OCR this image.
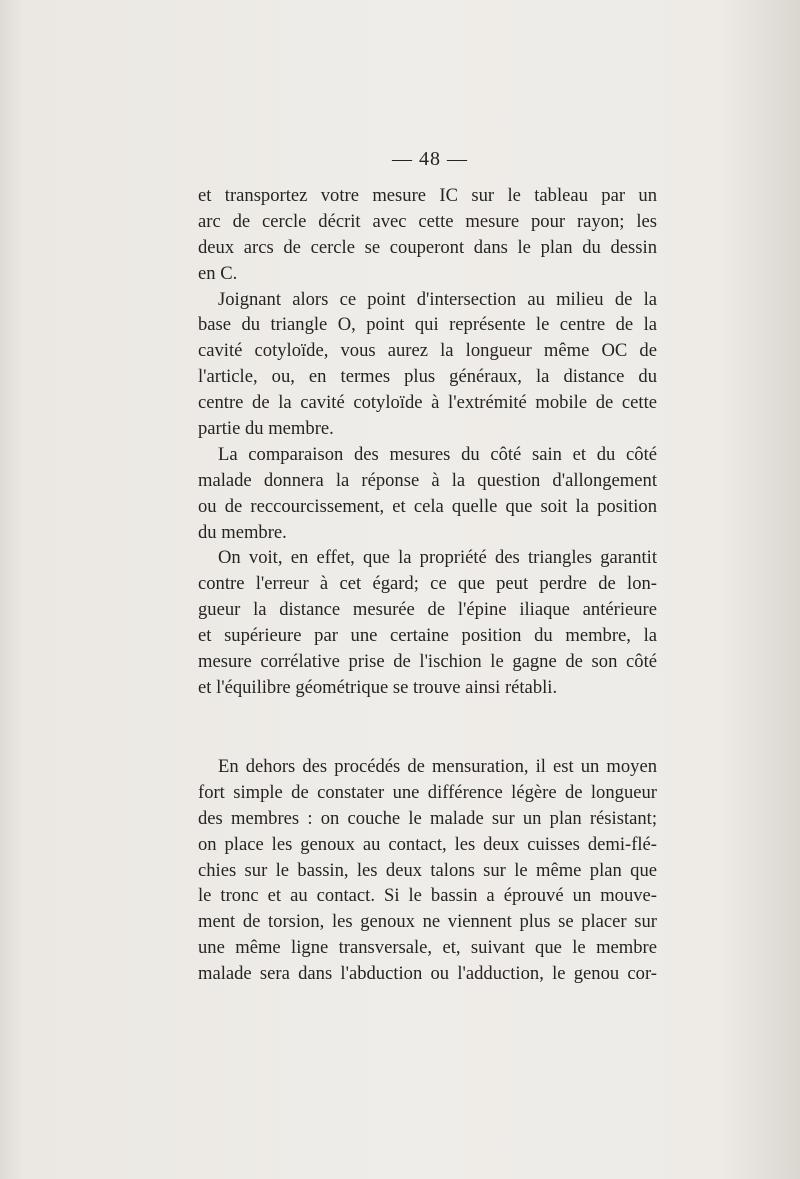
— 48 —
et transportez votre mesure IC sur le tableau par un
arc de cercle décrit avec cette mesure pour rayon; les
deux arcs de cercle se couperont dans le plan du dessin
en C.
Joignant alors ce point d'intersection au milieu de la
base du triangle O, point qui représente le centre de la
cavité cotyloïde, vous aurez la longueur même OC de
l'article, ou, en termes plus généraux, la distance du
centre de la cavité cotyloïde à l'extrémité mobile de cette
partie du membre.
La comparaison des mesures du côté sain et du côté
malade donnera la réponse à la question d'allongement
ou de reccourcissement, et cela quelle que soit la position
du membre.
On voit, en effet, que la propriété des triangles garantit
contre l'erreur à cet égard; ce que peut perdre de lon-
gueur la distance mesurée de l'épine iliaque antérieure
et supérieure par une certaine position du membre, la
mesure corrélative prise de l'ischion le gagne de son côté
et l'équilibre géométrique se trouve ainsi rétabli.
En dehors des procédés de mensuration, il est un moyen
fort simple de constater une différence légère de longueur
des membres : on couche le malade sur un plan résistant;
on place les genoux au contact, les deux cuisses demi-flé-
chies sur le bassin, les deux talons sur le même plan que
le tronc et au contact. Si le bassin a éprouvé un mouve-
ment de torsion, les genoux ne viennent plus se placer sur
une même ligne transversale, et, suivant que le membre
malade sera dans l'abduction ou l'adduction, le genou cor-
